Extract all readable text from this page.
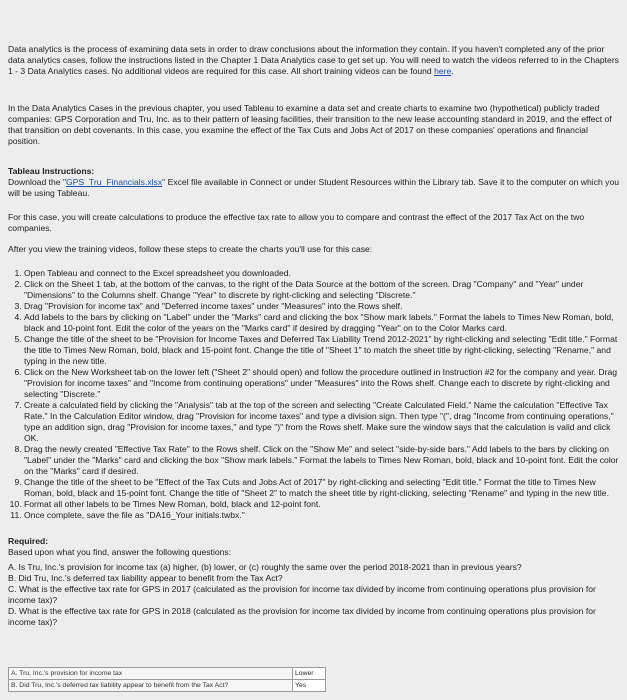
Data analytics is the process of examining data sets in order to draw conclusions about the information they contain. If you haven't completed any of the prior data analytics cases, follow the instructions listed in the Chapter 1 Data Analytics case to get set up. You will need to watch the videos referred to in the Chapters 1 - 3 Data Analytics cases. No additional videos are required for this case. All short training videos can be found here.

In the Data Analytics Cases in the previous chapter, you used Tableau to examine a data set and create charts to examine two (hypothetical) publicly traded companies: GPS Corporation and Tru, Inc. as to their pattern of leasing facilities, their transition to the new lease accounting standard in 2019, and the effect of that transition on debt covenants. In this case, you examine the effect of the Tax Cuts and Jobs Act of 2017 on these companies' operations and financial position.

Tableau Instructions:

Download the "GPS_Tru_Financials.xlsx" Excel file available in Connect or under Student Resources within the Library tab. Save it to the computer on which you will be using Tableau.

For this case, you will create calculations to produce the effective tax rate to allow you to compare and contrast the effect of the 2017 Tax Act on the two companies.

After you view the training videos, follow these steps to create the charts you'll use for this case:

1. Open Tableau and connect to the Excel spreadsheet you downloaded.
2. Click on the Sheet 1 tab, at the bottom of the canvas, to the right of the Data Source at the bottom of the screen. Drag "Company" and "Year" under "Dimensions" to the Columns shelf. Change "Year" to discrete by right-clicking and selecting "Discrete."
3. Drag "Provision for income tax" and "Deferred income taxes" under "Measures" into the Rows shelf.
4. Add labels to the bars by clicking on "Label" under the "Marks" card and clicking the box "Show mark labels." Format the labels to Times New Roman, bold, black and 10-point font. Edit the color of the years on the "Marks card" if desired by dragging "Year" on to the Color Marks card.
5. Change the title of the sheet to be "Provision for Income Taxes and Deferred Tax Liability Trend 2012-2021" by right-clicking and selecting "Edit title." Format the title to Times New Roman, bold, black and 15-point font. Change the title of "Sheet 1" to match the sheet title by right-clicking, selecting "Rename," and typing in the new title.
6. Click on the New Worksheet tab on the lower left ("Sheet 2" should open) and follow the procedure outlined in Instruction #2 for the company and year. Drag "Provision for income taxes" and "Income from continuing operations" under "Measures" into the Rows shelf. Change each to discrete by right-clicking and selecting "Discrete."
7. Create a calculated field by clicking the "Analysis" tab at the top of the screen and selecting "Create Calculated Field." Name the calculation "Effective Tax Rate." In the Calculation Editor window, drag "Provision for income taxes" and type a division sign. Then type "(", drag "Income from continuing operations," type an addition sign, drag "Provision for income taxes," and type ")" from the Rows shelf. Make sure the window says that the calculation is valid and click OK.
8. Drag the newly created "Effective Tax Rate" to the Rows shelf. Click on the "Show Me" and select "side-by-side bars." Add labels to the bars by clicking on "Label" under the "Marks" card and clicking the box "Show mark labels." Format the labels to Times New Roman, bold, black and 10-point font. Edit the color on the "Marks" card if desired.
9. Change the title of the sheet to be "Effect of the Tax Cuts and Jobs Act of 2017" by right-clicking and selecting "Edit title." Format the title to Times New Roman, bold, black and 15-point font. Change the title of "Sheet 2" to match the sheet title by right-clicking, selecting "Rename" and typing in the new title.
10. Format all other labels to be Times New Roman, bold, black and 12-point font.
11. Once complete, save the file as "DA16_Your initials.twbx."

Required:

Based upon what you find, answer the following questions:

A. Is Tru, Inc.'s provision for income tax (a) higher, (b) lower, or (c) roughly the same over the period 2018-2021 than in previous years?

B. Did Tru, Inc.'s deferred tax liability appear to benefit from the Tax Act?

C. What is the effective tax rate for GPS in 2017 (calculated as the provision for income tax divided by income from continuing operations plus provision for income tax)?

D. What is the effective tax rate for GPS in 2018 (calculated as the provision for income tax divided by income from continuing operations plus provision for income tax)?

A. Tru, Inc.'s provision for income tax	Lower
B. Did Tru, Inc.'s deferred tax liability appear to benefit from the Tax Act?	Yes
